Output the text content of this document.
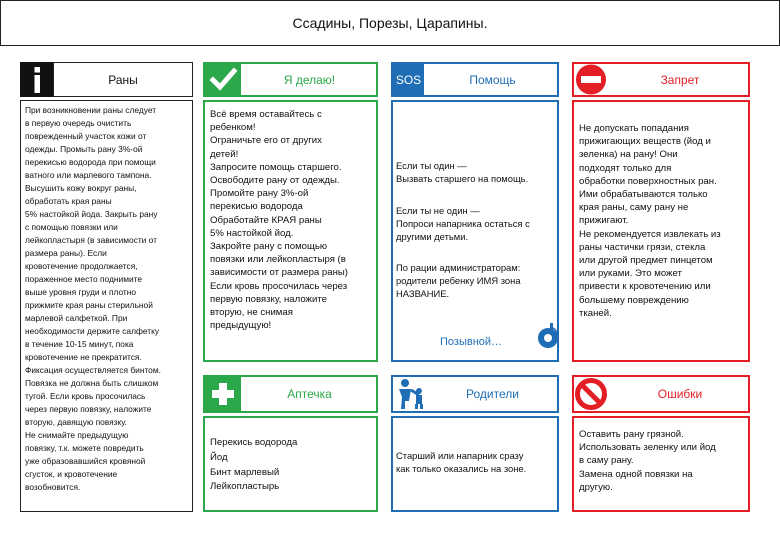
Ссадины, Порезы, Царапины.
Раны
При возникновении раны следует
в первую очередь очистить
поврежденный участок кожи от
одежды. Промыть рану 3%-ой
перекисью водорода при помощи
ватного или марлевого тампона.
Высушить кожу вокруг раны,
обработать края раны
5% настойкой йода. Закрыть рану
с помощью повязки или
лейкопластыря (в зависимости от
размера раны). Если
кровотечение продолжается,
пораженное место поднимите
выше уровня груди и плотно
прижмите края раны стерильной
марлевой салфеткой. При
необходимости держите салфетку
в течение 10-15 минут, пока
кровотечение не прекратится.
Фиксация осуществляется бинтом.
Повязка не должна быть слишком
тугой. Если кровь просочилась
через первую повязку, наложите
вторую, давящую повязку.
Не снимайте предыдущую
повязку, т.к. можете повредить
уже образовавшийся кровяной
сгусток, и кровотечение
возобновится.
Я делаю!
Всё время оставайтесь с
ребенком!
Ограничьте его от других
детей!
Запросите помощь старшего.
Освободите рану от одежды.
Промойте рану 3%-ой
перекисью водорода
Обработайте КРАЯ раны
5% настойкой йод.
Закройте рану с помощью
повязки или лейкопластыря (в
зависимости от размера раны)
Если кровь просочилась через
первую повязку, наложите
вторую, не снимая
предыдущую!
SOS	Помощь
Если ты один —
Вызвать старшего на помощь.
Если ты не один —
Попроси напарника остаться с
другими детьми.
По рации администраторам:
родители ребенку ИМЯ зона
НАЗВАНИЕ.
Позывной…
Запрет
Не допускать попадания
прижигающих веществ (йод и
зеленка) на рану! Они
подходят только для
обработки поверхностных ран.
Ими обрабатываются только
края раны, саму рану не
прижигают.
Не рекомендуется извлекать из
раны частички грязи, стекла
или другой предмет пинцетом
или руками. Это может
привести к кровотечению или
большему повреждению
тканей.
Аптечка
Перекись водорода
Йод
Бинт марлевый
Лейкопластырь
Родители
Старший или напарник сразу
как только оказались на зоне.
Ошибки
Оставить рану грязной.
Использовать зеленку или йод
в саму рану.
Замена одной повязки на
другую.
